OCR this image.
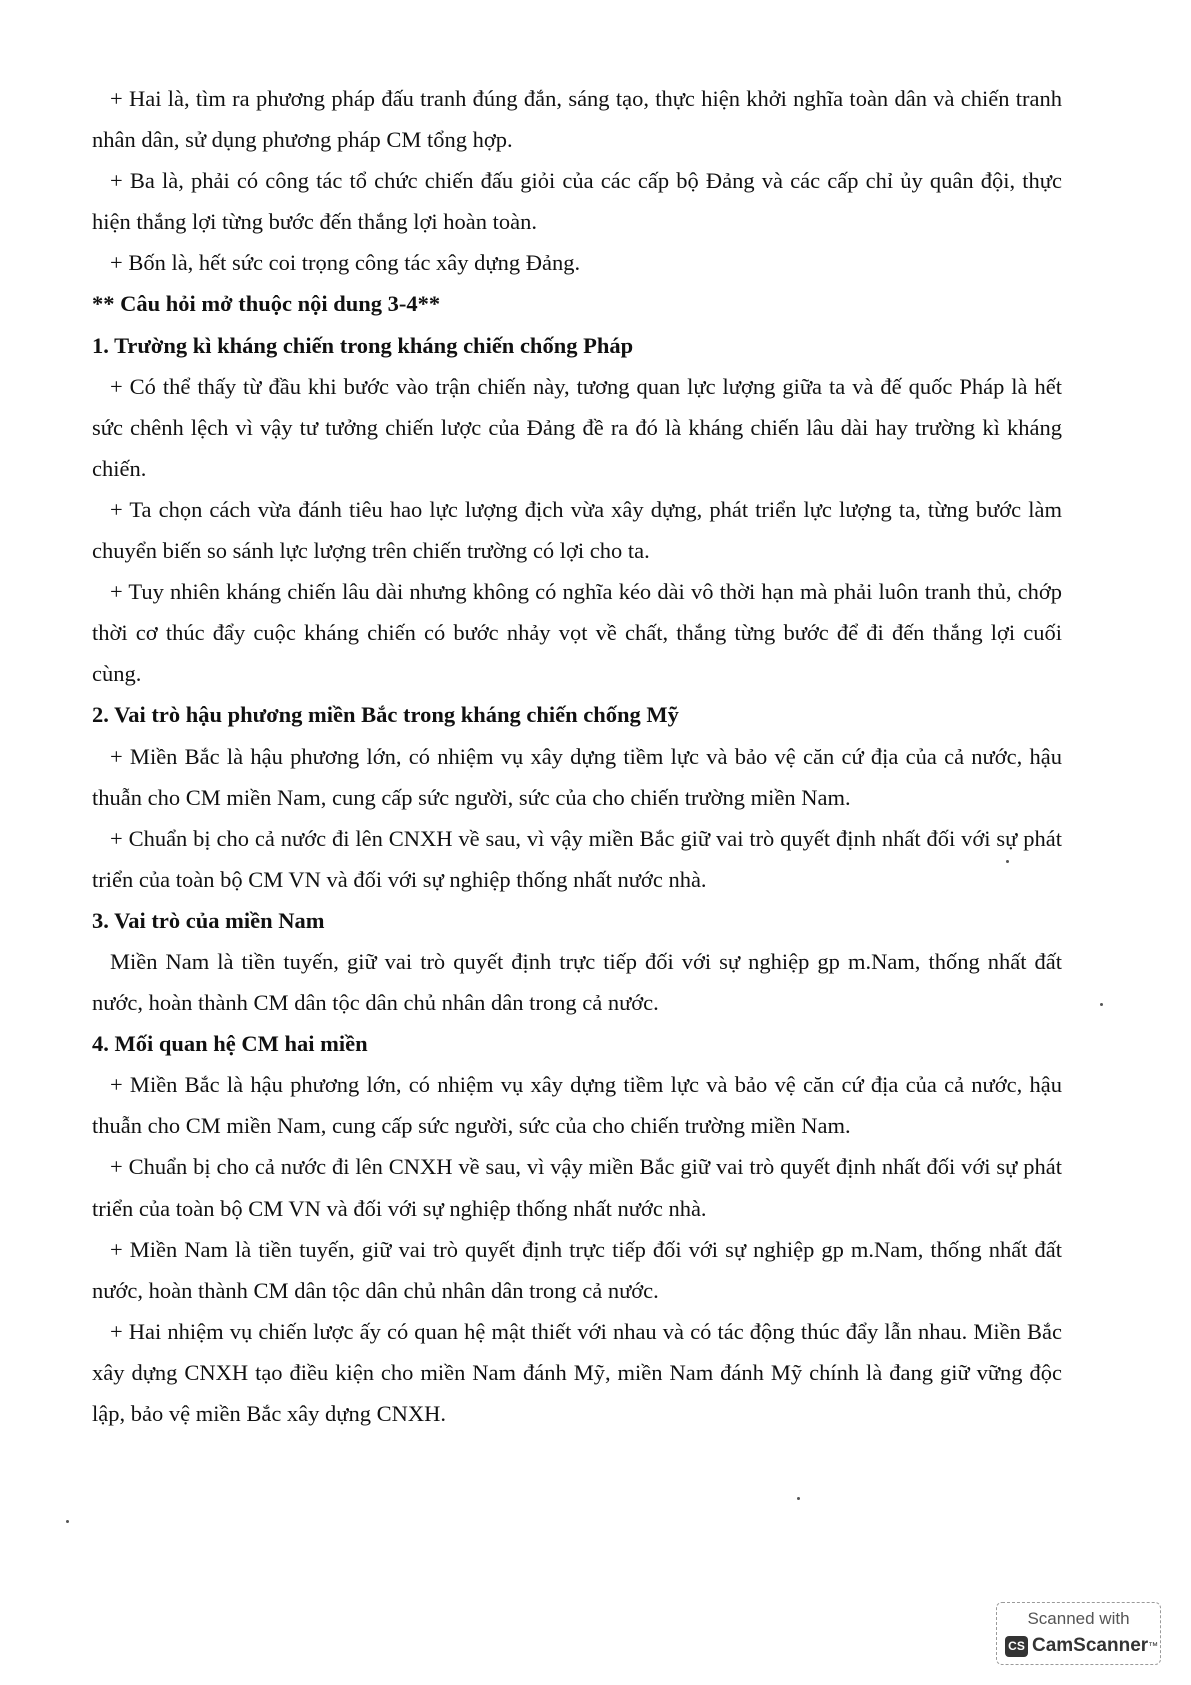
+ Hai là, tìm ra phương pháp đấu tranh đúng đắn, sáng tạo, thực hiện khởi nghĩa toàn dân và chiến tranh nhân dân, sử dụng phương pháp CM tổng hợp.

+ Ba là, phải có công tác tổ chức chiến đấu giỏi của các cấp bộ Đảng và các cấp chỉ ủy quân đội, thực hiện thắng lợi từng bước đến thắng lợi hoàn toàn.

+ Bốn là, hết sức coi trọng công tác xây dựng Đảng.

** Câu hỏi mở thuộc nội dung 3-4**

1. Trường kì kháng chiến trong kháng chiến chống Pháp

+ Có thể thấy từ đầu khi bước vào trận chiến này, tương quan lực lượng giữa ta và đế quốc Pháp là hết sức chênh lệch vì vậy tư tưởng chiến lược của Đảng đề ra đó là kháng chiến lâu dài hay trường kì kháng chiến.

+ Ta chọn cách vừa đánh tiêu hao lực lượng địch vừa xây dựng, phát triển lực lượng ta, từng bước làm chuyển biến so sánh lực lượng trên chiến trường có lợi cho ta.

+ Tuy nhiên kháng chiến lâu dài nhưng không có nghĩa kéo dài vô thời hạn mà phải luôn tranh thủ, chớp thời cơ thúc đẩy cuộc kháng chiến có bước nhảy vọt về chất, thắng từng bước để đi đến thắng lợi cuối cùng.

2. Vai trò hậu phương miền Bắc trong kháng chiến chống Mỹ

+ Miền Bắc là hậu phương lớn, có nhiệm vụ xây dựng tiềm lực và bảo vệ căn cứ địa của cả nước, hậu thuẫn cho CM miền Nam, cung cấp sức người, sức của cho chiến trường miền Nam.

+ Chuẩn bị cho cả nước đi lên CNXH về sau, vì vậy miền Bắc giữ vai trò quyết định nhất đối với sự phát triển của toàn bộ CM VN và đối với sự nghiệp thống nhất nước nhà.

3. Vai trò của miền Nam

Miền Nam là tiền tuyến, giữ vai trò quyết định trực tiếp đối với sự nghiệp gp m.Nam, thống nhất đất nước, hoàn thành CM dân tộc dân chủ nhân dân trong cả nước.

4. Mối quan hệ CM hai miền

+ Miền Bắc là hậu phương lớn, có nhiệm vụ xây dựng tiềm lực và bảo vệ căn cứ địa của cả nước, hậu thuẫn cho CM miền Nam, cung cấp sức người, sức của cho chiến trường miền Nam.

+ Chuẩn bị cho cả nước đi lên CNXH về sau, vì vậy miền Bắc giữ vai trò quyết định nhất đối với sự phát triển của toàn bộ CM VN và đối với sự nghiệp thống nhất nước nhà.

+ Miền Nam là tiền tuyến, giữ vai trò quyết định trực tiếp đối với sự nghiệp gp m.Nam, thống nhất đất nước, hoàn thành CM dân tộc dân chủ nhân dân trong cả nước.

+ Hai nhiệm vụ chiến lược ấy có quan hệ mật thiết với nhau và có tác động thúc đẩy lẫn nhau. Miền Bắc xây dựng CNXH tạo điều kiện cho miền Nam đánh Mỹ, miền Nam đánh Mỹ chính là đang giữ vững độc lập, bảo vệ miền Bắc xây dựng CNXH.

Scanned with
CS CamScanner ™
